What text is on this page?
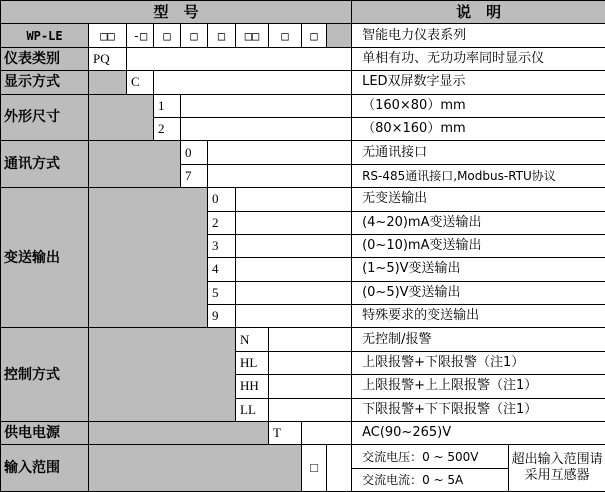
型　号										说　明	
WP-LE	□□	-□	□	□	□	□□	□	□		智能电力仪表系列	
仪表类别	PQ									单相有功、无功功率同时显示仪	
显示方式		C								LED双屏数字显示	
外形尺寸			1							（160×80）mm	
			2							（80×160）mm	
通讯方式				0						无通讯接口	
				7						RS-485通讯接口,Modbus-RTU协议	
变送输出					0					无变送输出	
					2					(4~20)mA变送输出	
					3					(0~10)mA变送输出	
					4					(1~5)V变送输出	
					5					(0~5)V变送输出	
					9					特殊要求的变送输出	
控制方式						N				无控制/报警	
						HL				上限报警+下限报警（注1）	
						HH				上限报警+上上限报警（注1）	
						LL				下限报警+下下限报警（注1）	
供电电源							T			AC(90~265)V	
输入范围								□		交流电压：0 ~ 500V	超出输入范围请采用互感器
										交流电流：0 ~ 5A	
